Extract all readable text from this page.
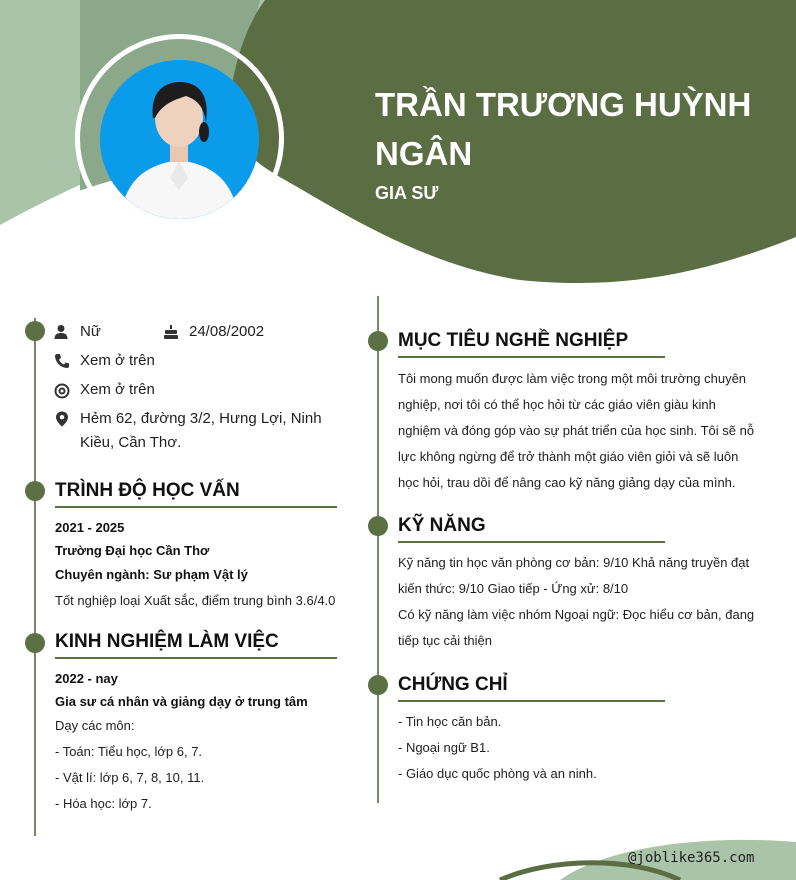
TRẦN TRƯƠNG HUỲNH
NGÂN
GIA SƯ
Nữ	24/08/2002
Xem ở trên
Xem ở trên
Hẻm 62, đường 3/2, Hưng Lợi, Ninh
Kiều, Cần Thơ.
TRÌNH ĐỘ HỌC VẤN
2021 - 2025
Trường Đại học Cần Thơ
Chuyên ngành: Sư phạm Vật lý
Tốt nghiệp loại Xuất sắc, điểm trung bình 3.6/4.0
KINH NGHIỆM LÀM VIỆC
2022 - nay
Gia sư cá nhân và giảng dạy ở trung tâm
Dạy các môn:
- Toán: Tiểu học, lớp 6, 7.
- Vật lí: lớp 6, 7, 8, 10, 11.
- Hóa học: lớp 7.
MỤC TIÊU NGHỀ NGHIỆP
Tôi mong muốn được làm việc trong một môi trường chuyên
nghiệp, nơi tôi có thể học hỏi từ các giáo viên giàu kinh
nghiệm và đóng góp vào sự phát triển của học sinh. Tôi sẽ nỗ
lực không ngừng để trở thành một giáo viên giỏi và sẽ luôn
học hỏi, trau dồi để nâng cao kỹ năng giảng dạy của mình.
KỸ NĂNG
Kỹ năng tin học văn phòng cơ bản: 9/10 Khả năng truyền đạt
kiến thức: 9/10 Giao tiếp - Ứng xử: 8/10
Có kỹ năng làm việc nhóm Ngoại ngữ: Đọc hiểu cơ bản, đang
tiếp tục cải thiện
CHỨNG CHỈ
- Tin học căn bản.
- Ngoại ngữ B1.
- Giáo dục quốc phòng và an ninh.
@joblike365.com
